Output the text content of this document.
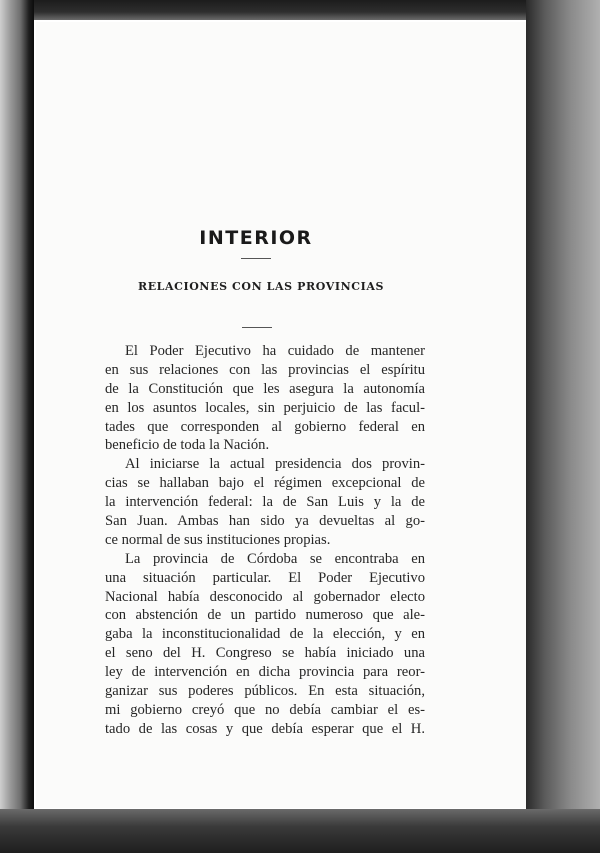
INTERIOR
RELACIONES CON LAS PROVINCIAS
El Poder Ejecutivo ha cuidado de mantener
en sus relaciones con las provincias el espíritu
de la Constitución que les asegura la autonomía
en los asuntos locales, sin perjuicio de las facul-
tades que corresponden al gobierno federal en
beneficio de toda la Nación.
Al iniciarse la actual presidencia dos provin-
cias se hallaban bajo el régimen excepcional de
la intervención federal: la de San Luis y la de
San Juan. Ambas han sido ya devueltas al go-
ce normal de sus instituciones propias.
La provincia de Córdoba se encontraba en
una situación particular. El Poder Ejecutivo
Nacional había desconocido al gobernador electo
con abstención de un partido numeroso que ale-
gaba la inconstitucionalidad de la elección, y en
el seno del H. Congreso se había iniciado una
ley de intervención en dicha provincia para reor-
ganizar sus poderes públicos. En esta situación,
mi gobierno creyó que no debía cambiar el es-
tado de las cosas y que debía esperar que el H.
